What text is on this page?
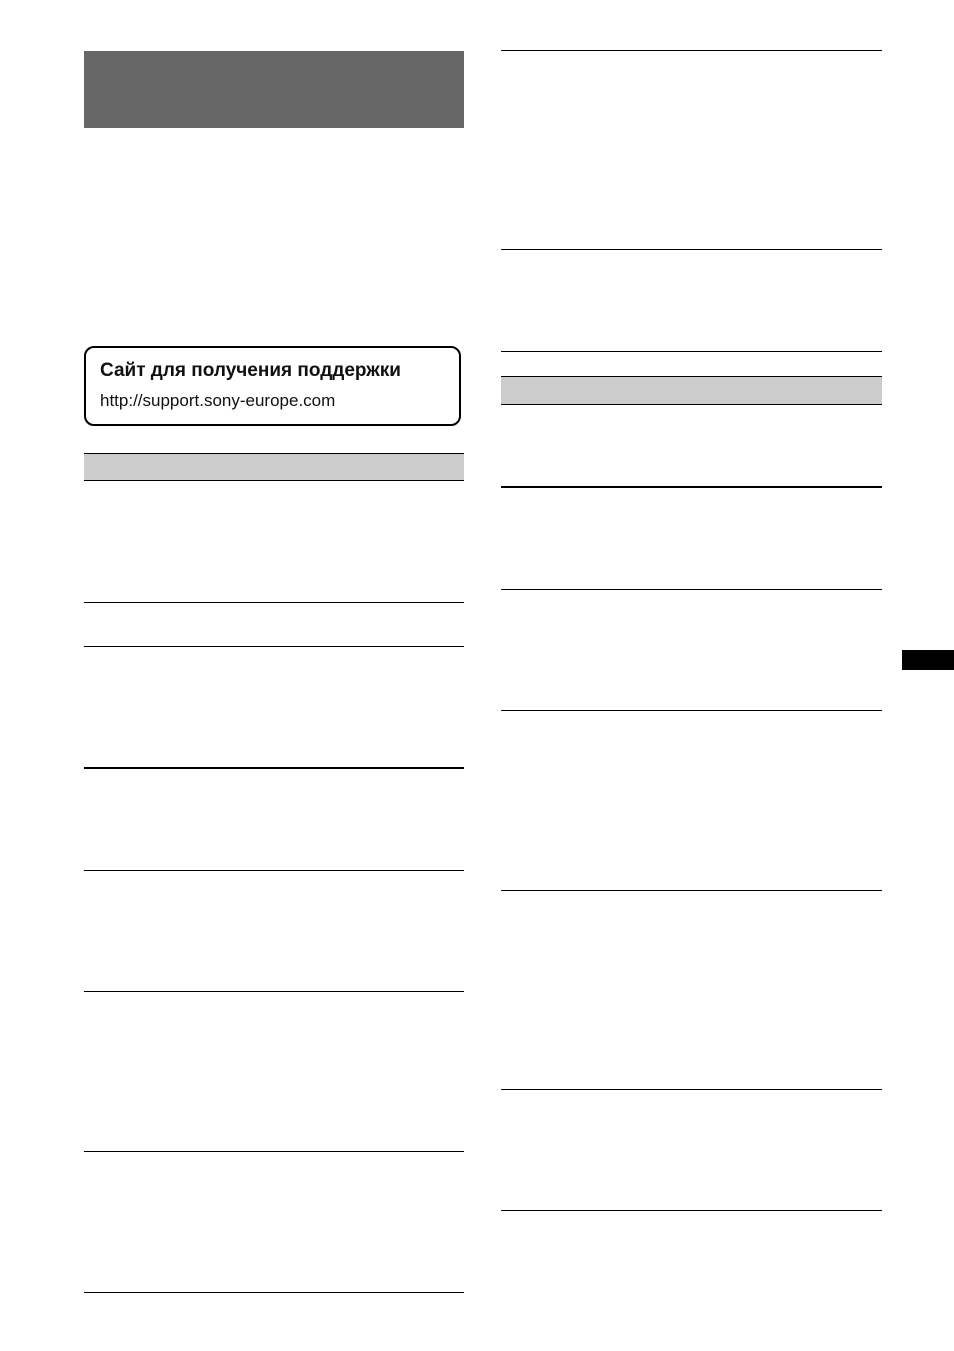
Сайт для получения поддержки
http://support.sony-europe.com
